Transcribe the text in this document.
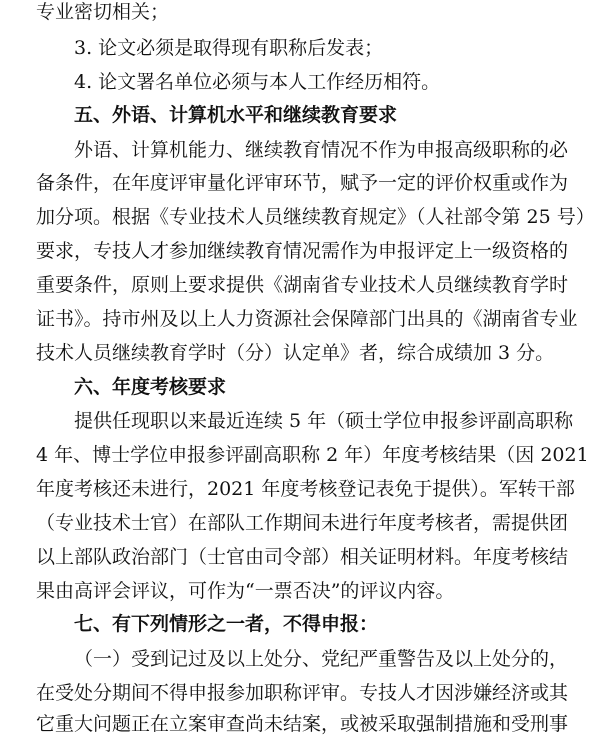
专业密切相关；
3. 论文必须是取得现有职称后发表；
4. 论文署名单位必须与本人工作经历相符。
五、外语、计算机水平和继续教育要求
外语、计算机能力、继续教育情况不作为申报高级职称的必
备条件，在年度评审量化评审环节，赋予一定的评价权重或作为
加分项。根据《专业技术人员继续教育规定》（人社部令第 25 号）
要求，专技人才参加继续教育情况需作为申报评定上一级资格的
重要条件，原则上要求提供《湖南省专业技术人员继续教育学时
证书》。持市州及以上人力资源社会保障部门出具的《湖南省专业
技术人员继续教育学时（分）认定单》者，综合成绩加 3 分。
六、年度考核要求
提供任现职以来最近连续 5 年（硕士学位申报参评副高职称
4 年、博士学位申报参评副高职称 2 年）年度考核结果（因 2021
年度考核还未进行，2021 年度考核登记表免于提供）。军转干部
（专业技术士官）在部队工作期间未进行年度考核者，需提供团
以上部队政治部门（士官由司令部）相关证明材料。年度考核结
果由高评会评议，可作为“一票否决”的评议内容。
七、有下列情形之一者，不得申报：
（一）受到记过及以上处分、党纪严重警告及以上处分的，
在受处分期间不得申报参加职称评审。专技人才因涉嫌经济或其
它重大问题正在立案审查尚未结案，或被采取强制措施和受刑事
